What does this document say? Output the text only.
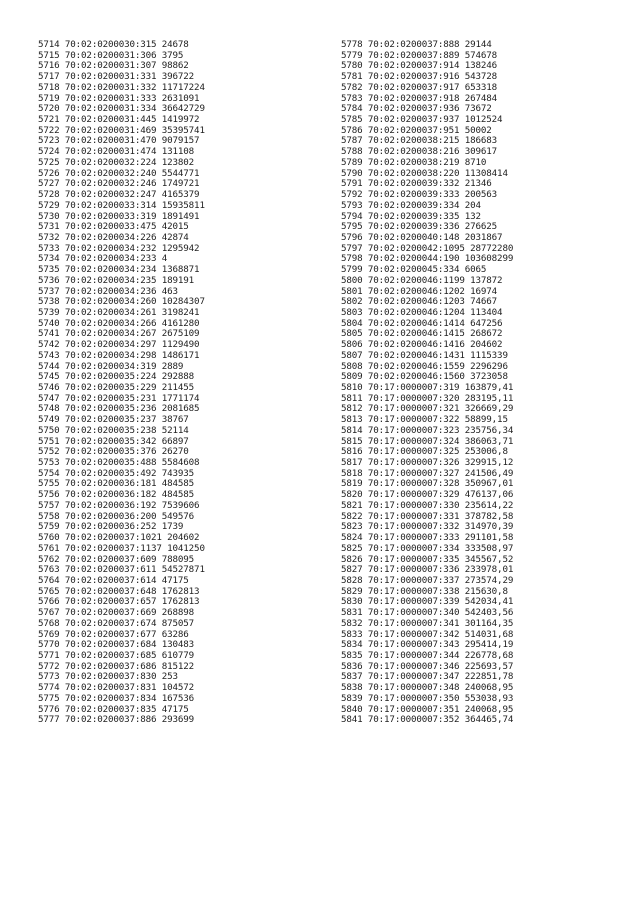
5714 70:02:0200030:315 24678
5715 70:02:0200031:306 3795
5716 70:02:0200031:307 98862
5717 70:02:0200031:331 396722
5718 70:02:0200031:332 11717224
5719 70:02:0200031:333 2631091
5720 70:02:0200031:334 36642729
5721 70:02:0200031:445 1419972
5722 70:02:0200031:469 35395741
5723 70:02:0200031:470 9079157
5724 70:02:0200031:474 131108
5725 70:02:0200032:224 123802
5726 70:02:0200032:240 5544771
5727 70:02:0200032:246 1749721
5728 70:02:0200032:247 4165379
5729 70:02:0200033:314 15935811
5730 70:02:0200033:319 1891491
5731 70:02:0200033:475 42015
5732 70:02:0200034:226 42874
5733 70:02:0200034:232 1295942
5734 70:02:0200034:233 4
5735 70:02:0200034:234 1368871
5736 70:02:0200034:235 189191
5737 70:02:0200034:236 463
5738 70:02:0200034:260 10284307
5739 70:02:0200034:261 3198241
5740 70:02:0200034:266 4161280
5741 70:02:0200034:267 2675109
5742 70:02:0200034:297 1129490
5743 70:02:0200034:298 1486171
5744 70:02:0200034:319 2889
5745 70:02:0200035:224 292888
5746 70:02:0200035:229 211455
5747 70:02:0200035:231 1771174
5748 70:02:0200035:236 2081685
5749 70:02:0200035:237 38767
5750 70:02:0200035:238 52114
5751 70:02:0200035:342 66897
5752 70:02:0200035:376 26270
5753 70:02:0200035:488 5584608
5754 70:02:0200035:492 743935
5755 70:02:0200036:181 484585
5756 70:02:0200036:182 484585
5757 70:02:0200036:192 7539606
5758 70:02:0200036:200 549576
5759 70:02:0200036:252 1739
5760 70:02:0200037:1021 204602
5761 70:02:0200037:1137 1041250
5762 70:02:0200037:609 788095
5763 70:02:0200037:611 54527871
5764 70:02:0200037:614 47175
5765 70:02:0200037:648 1762813
5766 70:02:0200037:657 1762813
5767 70:02:0200037:669 268898
5768 70:02:0200037:674 875057
5769 70:02:0200037:677 63286
5770 70:02:0200037:684 130483
5771 70:02:0200037:685 610779
5772 70:02:0200037:686 815122
5773 70:02:0200037:830 253
5774 70:02:0200037:831 104572
5775 70:02:0200037:834 167536
5776 70:02:0200037:835 47175
5777 70:02:0200037:886 293699
5778 70:02:0200037:888 29144
5779 70:02:0200037:889 574678
5780 70:02:0200037:914 138246
5781 70:02:0200037:916 543728
5782 70:02:0200037:917 653318
5783 70:02:0200037:918 267484
5784 70:02:0200037:936 73672
5785 70:02:0200037:937 1012524
5786 70:02:0200037:951 50002
5787 70:02:0200038:215 186683
5788 70:02:0200038:216 309617
5789 70:02:0200038:219 8710
5790 70:02:0200038:220 11308414
5791 70:02:0200039:332 21346
5792 70:02:0200039:333 200563
5793 70:02:0200039:334 204
5794 70:02:0200039:335 132
5795 70:02:0200039:336 276625
5796 70:02:0200040:148 2031867
5797 70:02:0200042:1095 28772280
5798 70:02:0200044:190 103608299
5799 70:02:0200045:334 6065
5800 70:02:0200046:1199 137872
5801 70:02:0200046:1202 16974
5802 70:02:0200046:1203 74667
5803 70:02:0200046:1204 113404
5804 70:02:0200046:1414 647256
5805 70:02:0200046:1415 268672
5806 70:02:0200046:1416 204602
5807 70:02:0200046:1431 1115339
5808 70:02:0200046:1559 2296296
5809 70:02:0200046:1560 3723058
5810 70:17:0000007:319 163879,41
5811 70:17:0000007:320 283195,11
5812 70:17:0000007:321 326669,29
5813 70:17:0000007:322 58899,15
5814 70:17:0000007:323 235756,34
5815 70:17:0000007:324 386063,71
5816 70:17:0000007:325 253006,8
5817 70:17:0000007:326 329915,12
5818 70:17:0000007:327 241506,49
5819 70:17:0000007:328 350967,01
5820 70:17:0000007:329 476137,06
5821 70:17:0000007:330 235614,22
5822 70:17:0000007:331 378782,58
5823 70:17:0000007:332 314970,39
5824 70:17:0000007:333 291101,58
5825 70:17:0000007:334 333508,97
5826 70:17:0000007:335 345567,52
5827 70:17:0000007:336 233978,01
5828 70:17:0000007:337 273574,29
5829 70:17:0000007:338 215630,8
5830 70:17:0000007:339 542034,41
5831 70:17:0000007:340 542403,56
5832 70:17:0000007:341 301164,35
5833 70:17:0000007:342 514031,68
5834 70:17:0000007:343 295414,19
5835 70:17:0000007:344 226778,68
5836 70:17:0000007:346 225693,57
5837 70:17:0000007:347 222851,78
5838 70:17:0000007:348 240068,95
5839 70:17:0000007:350 553038,93
5840 70:17:0000007:351 240068,95
5841 70:17:0000007:352 364465,74
